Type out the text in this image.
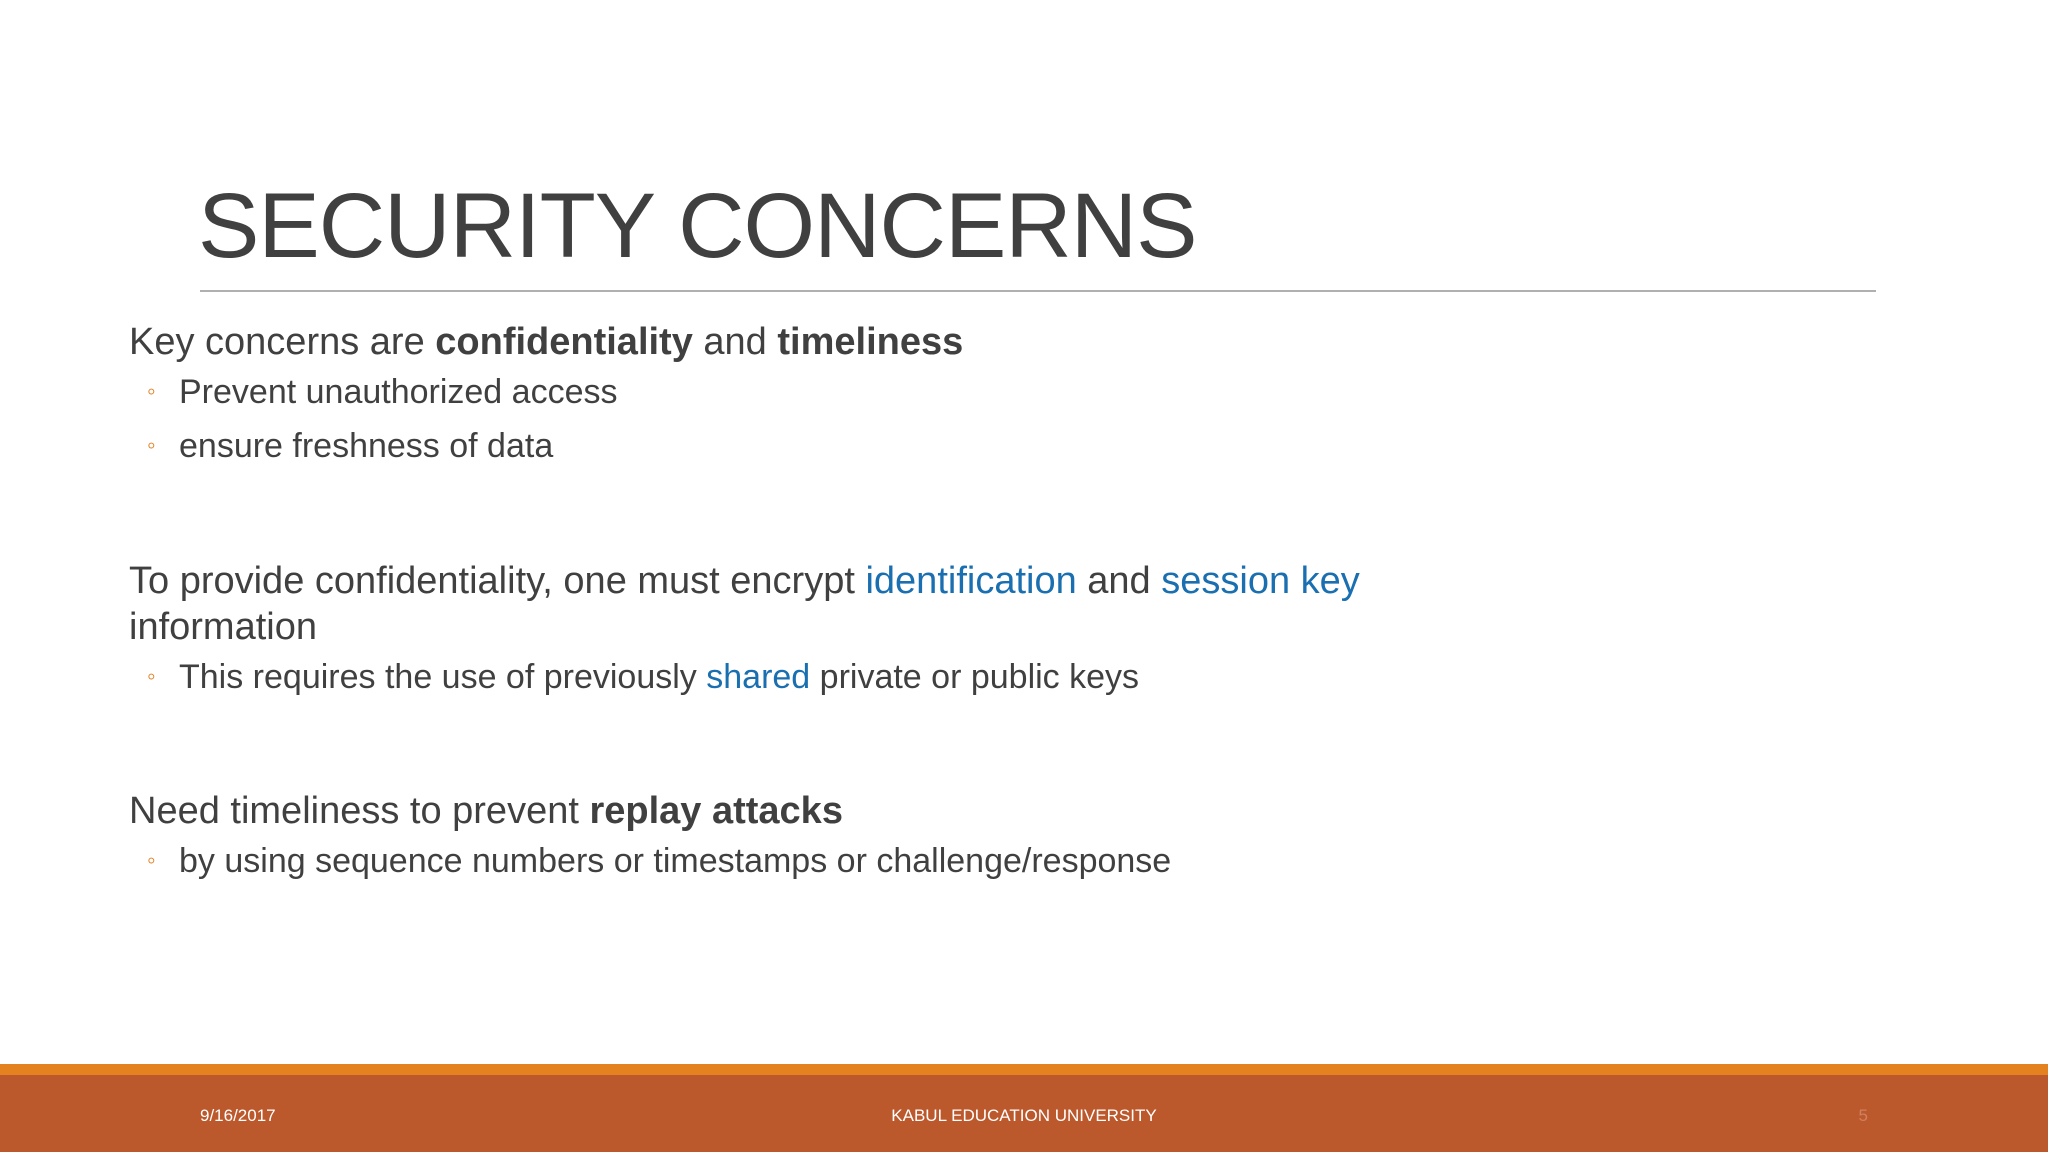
SECURITY CONCERNS

Key concerns are confidentiality and timeliness

◦ Prevent unauthorized access
◦ ensure freshness of data

To provide confidentiality, one must encrypt identification and session key
information

◦ This requires the use of previously shared private or public keys

Need timeliness to prevent replay attacks

◦ by using sequence numbers or timestamps or challenge/response
9/16/2017	KABUL EDUCATION UNIVERSITY	5
